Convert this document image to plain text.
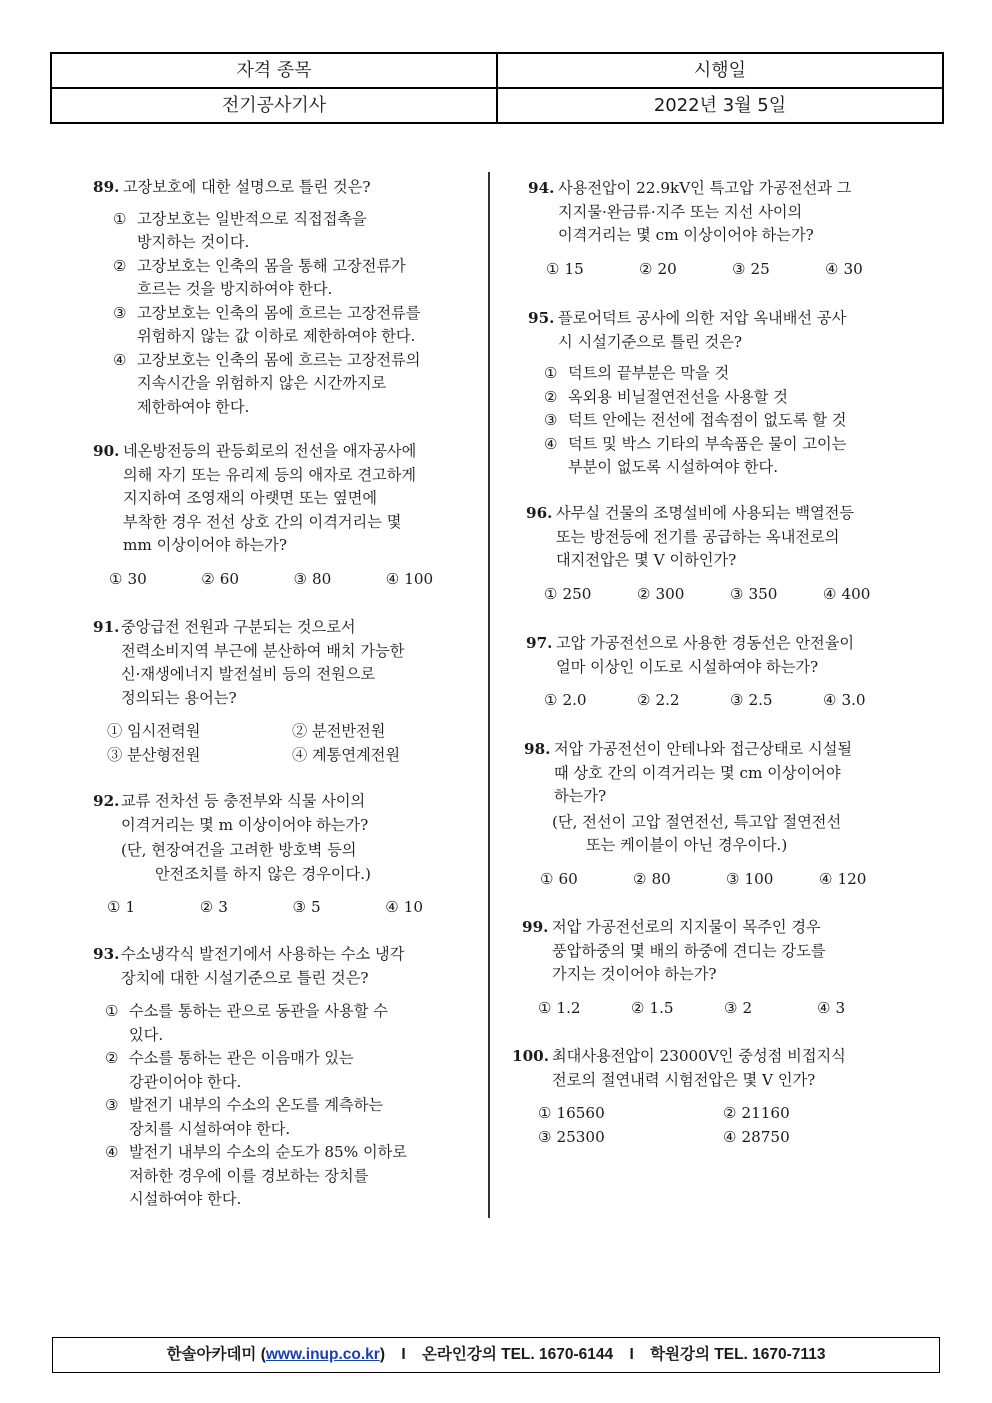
자격 종목	시행일
전기공사기사	2022년 3월 5일
89. 고장보호에 대한 설명으로 틀린 것은?
① 고장보호는 일반적으로 직접접촉을
방지하는 것이다.
② 고장보호는 인축의 몸을 통해 고장전류가
흐르는 것을 방지하여야 한다.
③ 고장보호는 인축의 몸에 흐르는 고장전류를
위험하지 않는 값 이하로 제한하여야 한다.
④ 고장보호는 인축의 몸에 흐르는 고장전류의
지속시간을 위험하지 않은 시간까지로
제한하여야 한다.
90. 네온방전등의 관등회로의 전선을 애자공사에
의해 자기 또는 유리제 등의 애자로 견고하게
지지하여 조영재의 아랫면 또는 옆면에
부착한 경우 전선 상호 간의 이격거리는 몇
mm 이상이어야 하는가?
① 30	② 60	③ 80	④ 100
91. 중앙급전 전원과 구분되는 것으로서
전력소비지역 부근에 분산하여 배치 가능한
신·재생에너지 발전설비 등의 전원으로
정의되는 용어는?
① 임시전력원	② 분전반전원
③ 분산형전원	④ 계통연계전원
92. 교류 전차선 등 충전부와 식물 사이의
이격거리는 몇 m 이상이어야 하는가?
(단, 현장여건을 고려한 방호벽 등의
안전조치를 하지 않은 경우이다.)
① 1	② 3	③ 5	④ 10
93. 수소냉각식 발전기에서 사용하는 수소 냉각
장치에 대한 시설기준으로 틀린 것은?
① 수소를 통하는 관으로 동관을 사용할 수
있다.
② 수소를 통하는 관은 이음매가 있는
강관이어야 한다.
③ 발전기 내부의 수소의 온도를 계측하는
장치를 시설하여야 한다.
④ 발전기 내부의 수소의 순도가 85% 이하로
저하한 경우에 이를 경보하는 장치를
시설하여야 한다.
94. 사용전압이 22.9kV인 특고압 가공전선과 그
지지물·완금류·지주 또는 지선 사이의
이격거리는 몇 cm 이상이어야 하는가?
① 15	② 20	③ 25	④ 30
95. 플로어덕트 공사에 의한 저압 옥내배선 공사
시 시설기준으로 틀린 것은?
① 덕트의 끝부분은 막을 것
② 옥외용 비닐절연전선을 사용할 것
③ 덕트 안에는 전선에 접속점이 없도록 할 것
④ 덕트 및 박스 기타의 부속품은 물이 고이는
부분이 없도록 시설하여야 한다.
96. 사무실 건물의 조명설비에 사용되는 백열전등
또는 방전등에 전기를 공급하는 옥내전로의
대지전압은 몇 V 이하인가?
① 250	② 300	③ 350	④ 400
97. 고압 가공전선으로 사용한 경동선은 안전율이
얼마 이상인 이도로 시설하여야 하는가?
① 2.0	② 2.2	③ 2.5	④ 3.0
98. 저압 가공전선이 안테나와 접근상태로 시설될
때 상호 간의 이격거리는 몇 cm 이상이어야
하는가?
(단, 전선이 고압 절연전선, 특고압 절연전선
또는 케이블이 아닌 경우이다.)
① 60	② 80	③ 100	④ 120
99. 저압 가공전선로의 지지물이 목주인 경우
풍압하중의 몇 배의 하중에 견디는 강도를
가지는 것이어야 하는가?
① 1.2	② 1.5	③ 2	④ 3
100. 최대사용전압이 23000V인 중성점 비접지식
전로의 절연내력 시험전압은 몇 V 인가?
① 16560	② 21160
③ 25300	④ 28750
한솔아카데미 (www.inup.co.kr) I 온라인강의 TEL. 1670-6144 I 학원강의 TEL. 1670-7113
